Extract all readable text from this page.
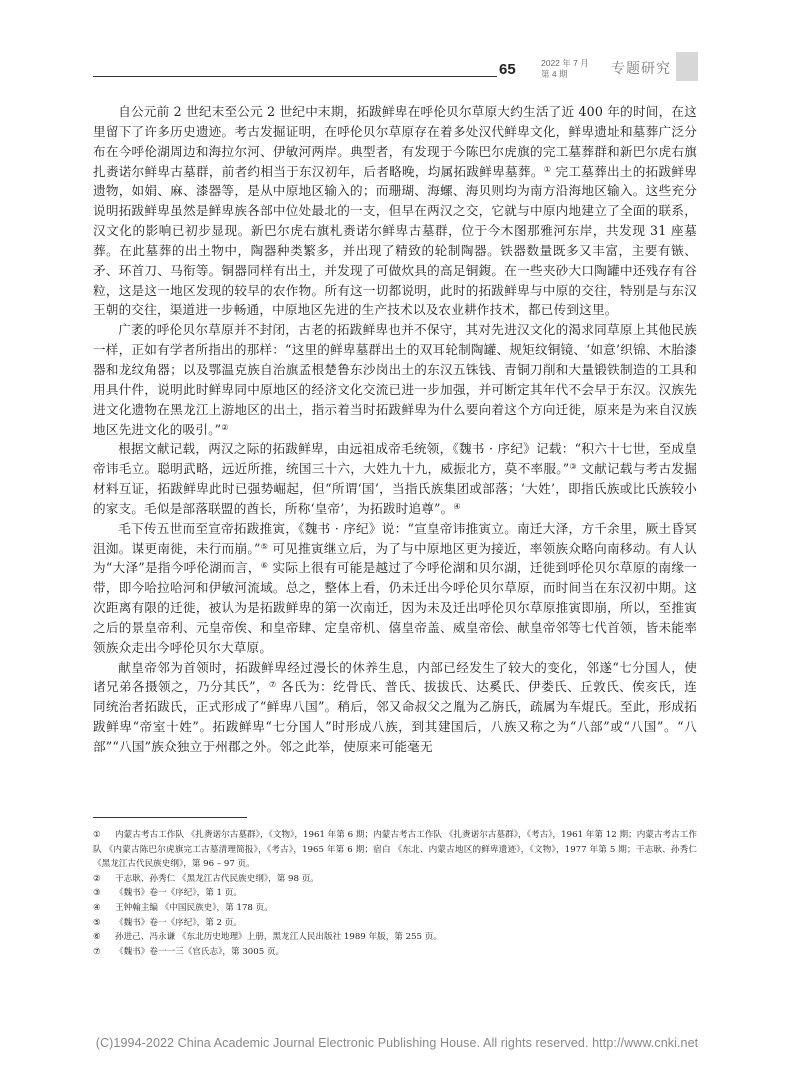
65	2022 年 7 月
第 4 期	专题研究

自公元前 2 世纪末至公元 2 世纪中末期，拓跋鲜卑在呼伦贝尔草原大约生活了近 400 年的时间，在这里留下了许多历史遗迹。考古发掘证明，在呼伦贝尔草原存在着多处汉代鲜卑文化，鲜卑遗址和墓葬广泛分布在今呼伦湖周边和海拉尔河、伊敏河两岸。典型者，有发现于今陈巴尔虎旗的完工墓葬群和新巴尔虎右旗扎赉诺尔鲜卑古墓群，前者约相当于东汉初年，后者略晚，均属拓跋鲜卑墓葬。① 完工墓葬出土的拓跋鲜卑遗物，如娟、麻、漆器等，是从中原地区输入的；而珊瑚、海螺、海贝则均为南方沿海地区输入。这些充分说明拓跋鲜卑虽然是鲜卑族各部中位处最北的一支，但早在两汉之交，它就与中原内地建立了全面的联系，汉文化的影响已初步显现。新巴尔虎右旗札赉诺尔鲜卑古墓群，位于今木图那雅河东岸，共发现 31 座墓葬。在此墓葬的出土物中，陶器种类繁多，并出现了精致的轮制陶器。铁器数量既多又丰富，主要有镞、矛、环首刀、马衔等。铜器同样有出土，并发现了可做炊具的高足铜鍑。在一些夹砂大口陶罐中还残存有谷粒，这是这一地区发现的较早的农作物。所有这一切都说明，此时的拓跋鲜卑与中原的交往，特别是与东汉王朝的交往，渠道进一步畅通，中原地区先进的生产技术以及农业耕作技术，都已传到这里。

广袤的呼伦贝尔草原并不封闭，古老的拓跋鲜卑也并不保守，其对先进汉文化的渴求同草原上其他民族一样，正如有学者所指出的那样：“这里的鲜卑墓群出土的双耳轮制陶罐、规矩纹铜镜、‘如意’织锦、木胎漆器和龙纹角器；以及鄂温克族自治旗孟根楚鲁东沙岗出土的东汉五铢钱、青铜刀削和大量锻铁制造的工具和用具什件，说明此时鲜卑同中原地区的经济文化交流已进一步加强，并可断定其年代不会早于东汉。汉族先进文化遗物在黑龙江上游地区的出土，指示着当时拓跋鲜卑为什么要向着这个方向迁徙，原来是为来自汉族地区先进文化的吸引。”②

根据文献记载，两汉之际的拓跋鲜卑，由远祖成帝毛统领，《魏书 · 序纪》记载：“积六十七世，至成皇帝讳毛立。聪明武略，远近所推，统国三十六，大姓九十九，威振北方，莫不率服。”③ 文献记载与考古发掘材料互证，拓跋鲜卑此时已强势崛起，但“所谓‘国’，当指氏族集团或部落；‘大姓’，即指氏族或比氏族较小的家支。毛似是部落联盟的酋长，所称‘皇帝’，为拓跋时追尊”。④

毛下传五世而至宣帝拓跋推寅，《魏书 · 序纪》说：“宣皇帝讳推寅立。南迁大泽，方千余里，厥土昏冥沮洳。谋更南徙，未行而崩。”⑤ 可见推寅继立后，为了与中原地区更为接近，率领族众略向南移动。有人认为“大泽”是指今呼伦湖而言，⑥ 实际上很有可能是越过了今呼伦湖和贝尔湖，迁徙到呼伦贝尔草原的南缘一带，即今哈拉哈河和伊敏河流域。总之，整体上看，仍未迁出今呼伦贝尔草原，而时间当在东汉初中期。这次距离有限的迁徙，被认为是拓跋鲜卑的第一次南迁，因为未及迁出呼伦贝尔草原推寅即崩，所以，至推寅之后的景皇帝利、元皇帝俟、和皇帝肆、定皇帝机、僖皇帝盖、威皇帝侩、献皇帝邻等七代首领，皆未能率领族众走出今呼伦贝尔大草原。

献皇帝邻为首领时，拓跋鲜卑经过漫长的休养生息，内部已经发生了较大的变化，邻遂“七分国人，使诸兄弟各摄领之，乃分其氏”，⑦ 各氏为：纥骨氏、普氏、拔拔氏、达奚氏、伊娄氏、丘敦氏、俟亥氏，连同统治者拓跋氏，正式形成了“鲜卑八国”。稍后，邻又命叔父之胤为乙旃氏，疏属为车焜氏。至此，形成拓跋鲜卑“帝室十姓”。拓跋鲜卑“七分国人”时形成八族，到其建国后，八族又称之为“八部”或“八国”。“八部”“八国”族众独立于州郡之外。邻之此举，使原来可能毫无

① 内蒙古考古工作队 《扎赉诺尔古墓群》，《文物》，1961 年第 6 期；内蒙古考古工作队 《扎赉诺尔古墓群》，《考古》，1961 年第 12 期；内蒙古考古工作队 《内蒙古陈巴尔虎旗完工古墓清理简报》，《考古》，1965 年第 6 期；宿白 《东北、内蒙古地区的鲜卑遗迹》，《文物》，1977 年第 5 期；干志耿、孙秀仁 《黑龙江古代民族史纲》，第 96 – 97 页。

② 干志耿、孙秀仁 《黑龙江古代民族史纲》，第 98 页。

③ 《魏书》卷一《序纪》，第 1 页。

④ 王钟翰主编 《中国民族史》，第 178 页。

⑤ 《魏书》卷一《序纪》，第 2 页。

⑥ 孙进己、冯永谦 《东北历史地理》上册，黑龙江人民出版社 1989 年版，第 255 页。

⑦ 《魏书》卷一一三《官氏志》，第 3005 页。

(C)1994-2022 China Academic Journal Electronic Publishing House. All rights reserved. http://www.cnki.net
